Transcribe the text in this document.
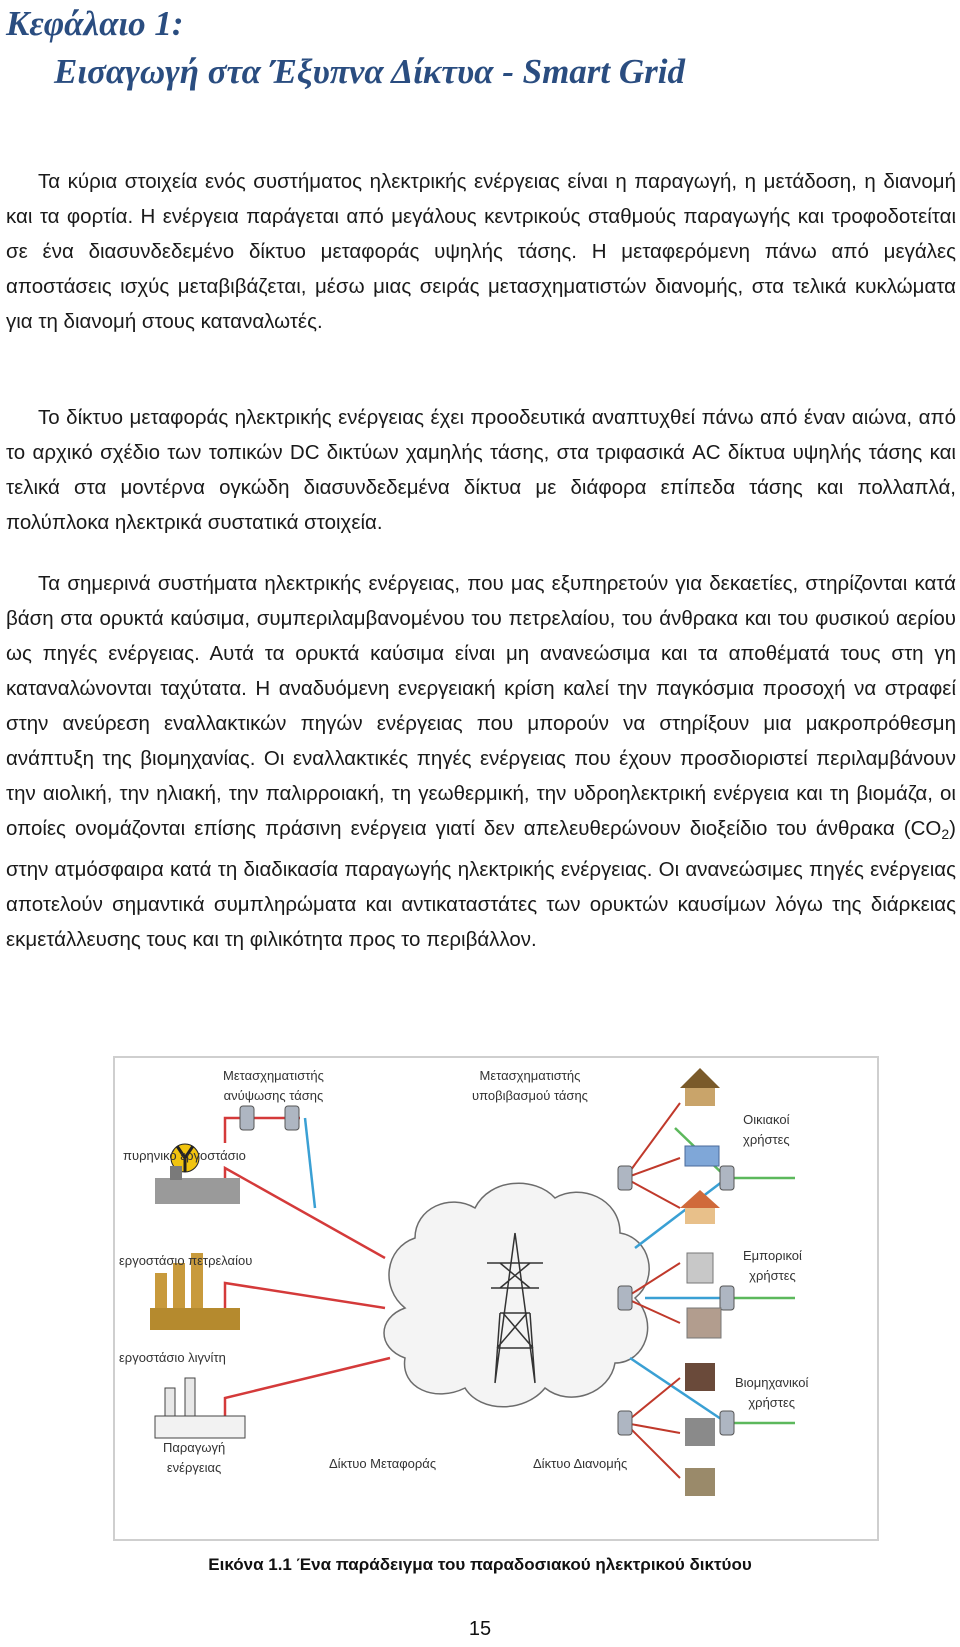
Κεφάλαιο 1:
Εισαγωγή στα Έξυπνα Δίκτυα - Smart Grid

Τα κύρια στοιχεία ενός συστήματος ηλεκτρικής ενέργειας είναι η παραγωγή, η μετάδοση, η διανομή και τα φορτία. Η ενέργεια παράγεται από μεγάλους κεντρικούς σταθμούς παραγωγής και τροφοδοτείται σε ένα διασυνδεδεμένο δίκτυο μεταφοράς υψηλής τάσης. Η μεταφερόμενη πάνω από μεγάλες αποστάσεις ισχύς μεταβιβάζεται, μέσω μιας σειράς μετασχηματιστών διανομής, στα τελικά κυκλώματα για τη διανομή στους καταναλωτές.

Το δίκτυο μεταφοράς ηλεκτρικής ενέργειας έχει προοδευτικά αναπτυχθεί πάνω από έναν αιώνα, από το αρχικό σχέδιο των τοπικών DC δικτύων χαμηλής τάσης, στα τριφασικά AC δίκτυα υψηλής τάσης και τελικά στα μοντέρνα ογκώδη διασυνδεδεμένα δίκτυα με διάφορα επίπεδα τάσης και πολλαπλά, πολύπλοκα ηλεκτρικά συστατικά στοιχεία.

Τα σημερινά συστήματα ηλεκτρικής ενέργειας, που μας εξυπηρετούν για δεκαετίες, στηρίζονται κατά βάση στα ορυκτά καύσιμα, συμπεριλαμβανομένου του πετρελαίου, του άνθρακα και του φυσικού αερίου ως πηγές ενέργειας. Αυτά τα ορυκτά καύσιμα είναι μη ανανεώσιμα και τα αποθέματά τους στη γη καταναλώνονται ταχύτατα. Η αναδυόμενη ενεργειακή κρίση καλεί την παγκόσμια προσοχή να στραφεί στην ανεύρεση εναλλακτικών πηγών ενέργειας που μπορούν να στηρίξουν μια μακροπρόθεσμη ανάπτυξη της βιομηχανίας. Οι εναλλακτικές πηγές ενέργειας που έχουν προσδιοριστεί περιλαμβάνουν την αιολική, την ηλιακή, την παλιρροιακή, τη γεωθερμική, την υδροηλεκτρική ενέργεια και τη βιομάζα, οι οποίες ονομάζονται επίσης πράσινη ενέργεια γιατί δεν απελευθερώνουν διοξείδιο του άνθρακα $(CO_2)$ στην ατμόσφαιρα κατά τη διαδικασία παραγωγής ηλεκτρικής ενέργειας. Οι ανανεώσιμες πηγές ενέργειας αποτελούν σημαντικά συμπληρώματα και αντικαταστάτες των ορυκτών καυσίμων λόγω της διάρκειας εκμετάλλευσης τους και τη φιλικότητα προς το περιβάλλον.

Μετασχηματιστής
ανύψωσης τάσης
Μετασχηματιστής
υποβιβασμού τάσης
πυρηνικό εργοστάσιο
εργοστάσιο πετρελαίου
εργοστάσιο λιγνίτη
Παραγωγή
ενέργειας	Δίκτυο Μεταφοράς	Δίκτυο Διανομής
Οικιακοί
χρήστες
Εμπορικοί
χρήστες
Βιομηχανικοί
χρήστες
Εικόνα 1.1 Ένα παράδειγμα του παραδοσιακού ηλεκτρικού δικτύου
15
